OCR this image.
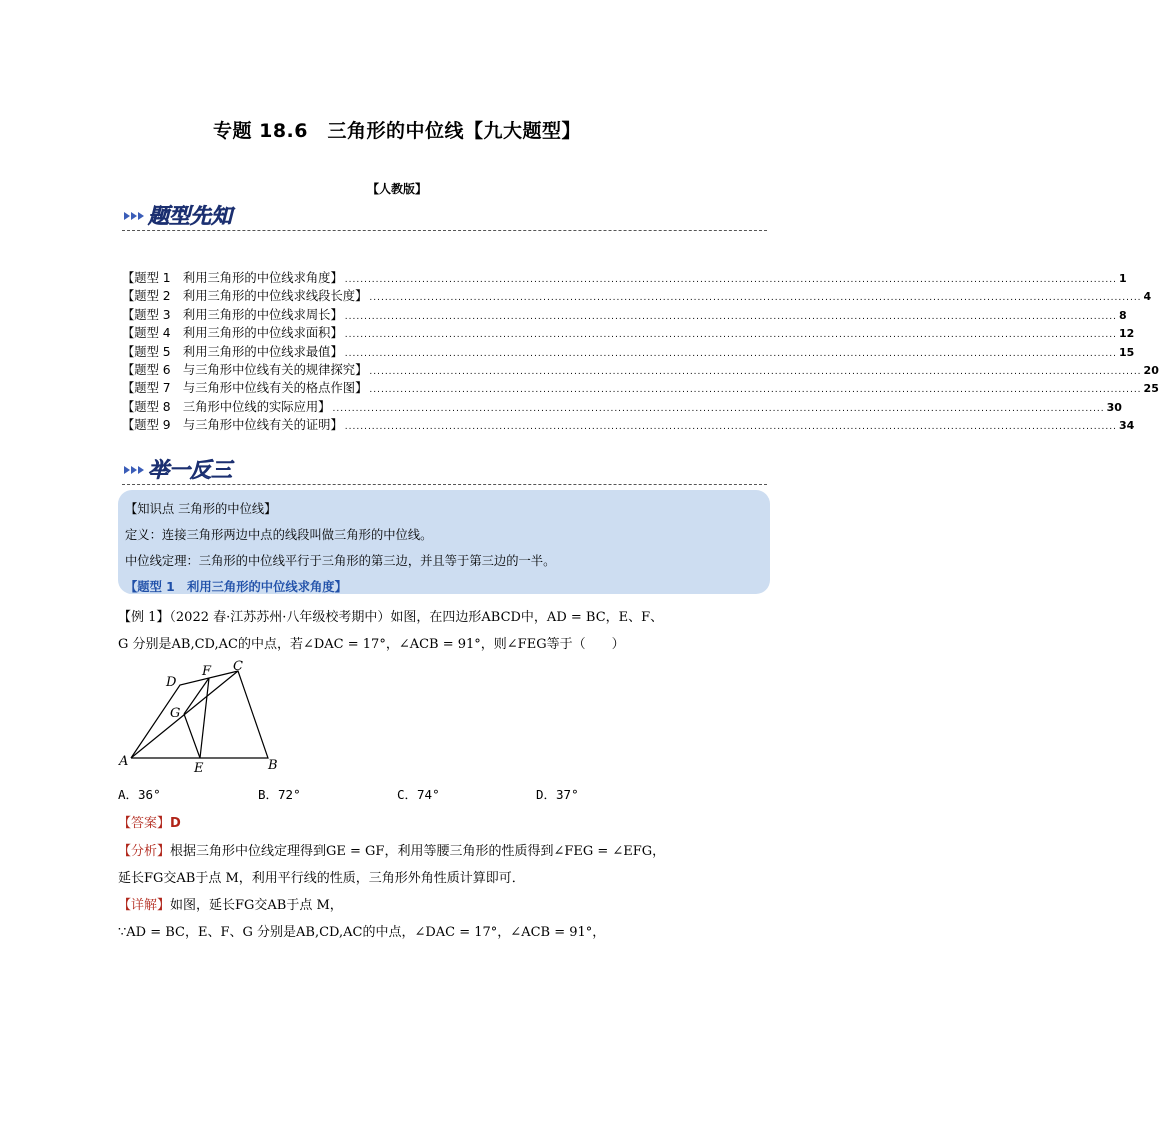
专题 18.6　三角形的中位线【九大题型】
【人教版】
题型先知
【题型 1　利用三角形的中位线求角度】 ........................................................................................................................................................................................................ 1
【题型 2　利用三角形的中位线求线段长度】 ........................................................................................................................................................................................................ 4
【题型 3　利用三角形的中位线求周长】 ........................................................................................................................................................................................................ 8
【题型 4　利用三角形的中位线求面积】 ........................................................................................................................................................................................................ 12
【题型 5　利用三角形的中位线求最值】 ........................................................................................................................................................................................................ 15
【题型 6　与三角形中位线有关的规律探究】 ........................................................................................................................................................................................................ 20
【题型 7　与三角形中位线有关的格点作图】 ........................................................................................................................................................................................................ 25
【题型 8　三角形中位线的实际应用】 ........................................................................................................................................................................................................ 30
【题型 9　与三角形中位线有关的证明】 ........................................................................................................................................................................................................ 34
举一反三
【知识点 三角形的中位线】
定义：连接三角形两边中点的线段叫做三角形的中位线。
中位线定理：三角形的中位线平行于三角形的第三边，并且等于第三边的一半。
【题型 1　利用三角形的中位线求角度】
【例 1】（2022 春·江苏苏州·八年级校考期中）如图，在四边形ABCD中，AD = BC，E、F、
G 分别是AB,CD,AC的中点，若∠DAC = 17°，∠ACB = 91°，则∠FEG等于（　　）
A	B
C
D
E
F
G
A．36°	B．72°	C．74°	D．37°
【答案】D
【分析】根据三角形中位线定理得到GE = GF，利用等腰三角形的性质得到∠FEG = ∠EFG，
延长FG交AB于点 M，利用平行线的性质，三角形外角性质计算即可．
【详解】如图，延长FG交AB于点 M，
∵AD = BC，E、F、G 分别是AB,CD,AC的中点，∠DAC = 17°，∠ACB = 91°，
